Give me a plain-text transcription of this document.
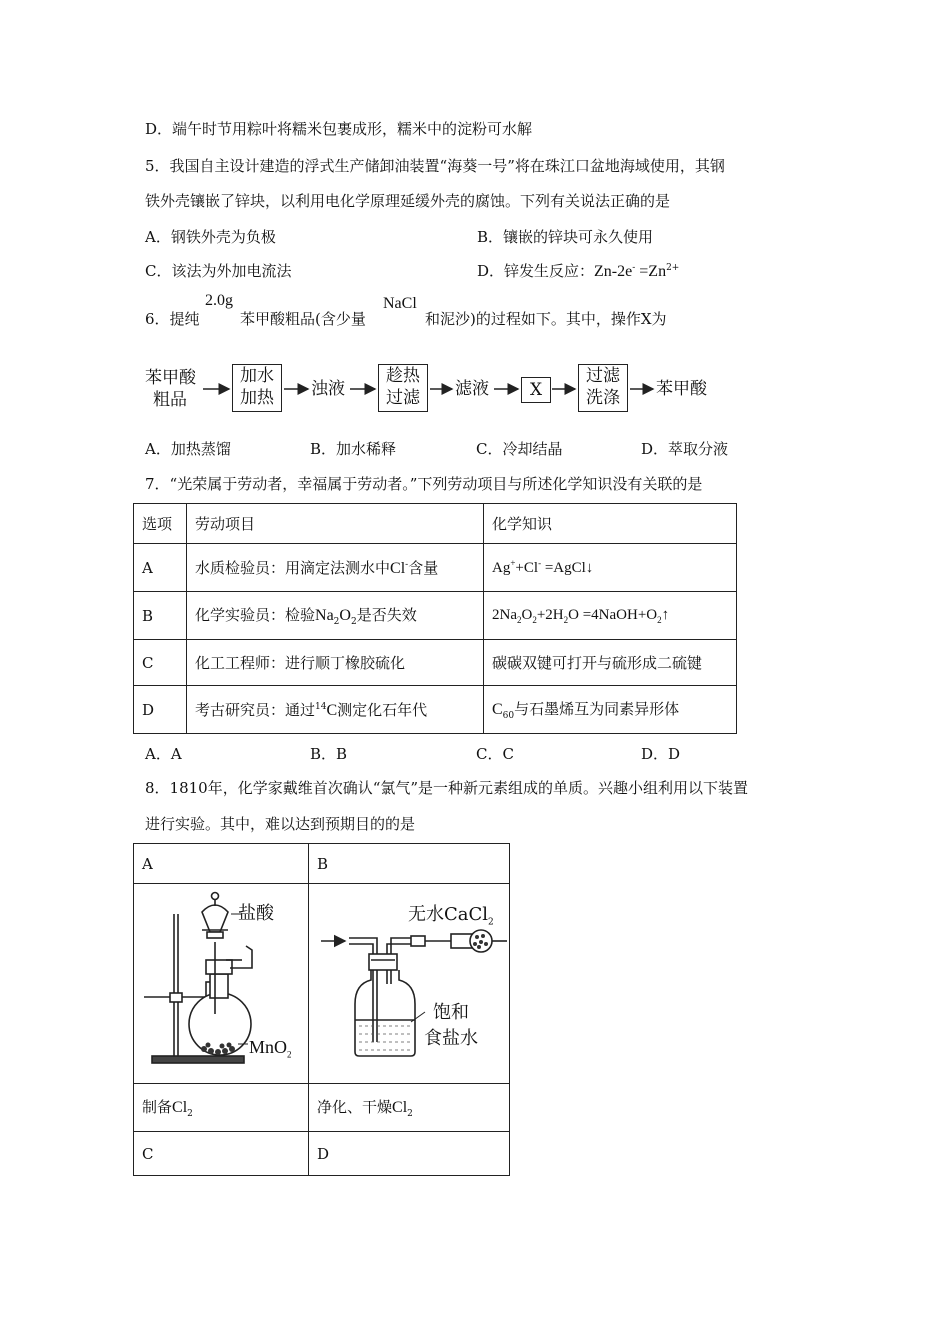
D．端午时节用粽叶将糯米包裹成形，糯米中的淀粉可水解
5．我国自主设计建造的浮式生产储卸油装置“海葵一号”将在珠江口盆地海域使用，其钢
铁外壳镶嵌了锌块，以利用电化学原理延缓外壳的腐蚀。下列有关说法正确的是
A．钢铁外壳为负极	B．镶嵌的锌块可永久使用
C．该法为外加电流法	D．锌发生反应：$Zn-2e^- =Zn^{2+}$
6．提纯
2.0g
苯甲酸粗品(含少量
NaCl
和泥沙)的过程如下。其中，操作X为
苯甲酸
粗品
加水
加热	浊液
趁热
过滤	滤液	X
过滤
洗涤	苯甲酸
A．加热蒸馏	B．加水稀释	C．冷却结晶	D．萃取分液
7．“光荣属于劳动者，幸福属于劳动者。”下列劳动项目与所述化学知识没有关联的是
选项	劳动项目	化学知识
A	水质检验员：用滴定法测水中Cl-含量	Ag++Cl- =AgCl↓
B	化学实验员：检验$Na_2O_2$是否失效	$2Na_2O_2+2H_2O$ $=4NaOH+O_2↑$
C	化工工程师：进行顺丁橡胶硫化	碳碳双键可打开与硫形成二硫键
D	考古研究员：通过$^{14}$C测定化石年代	$C_{60}$与石墨烯互为同素异形体
A．A	B．B	C．C	D．D
8．1810年，化学家戴维首次确认“氯气”是一种新元素组成的单质。兴趣小组利用以下装置
进行实验。其中，难以达到预期目的的是
A	B

制备$Cl_2$	净化、干燥$Cl_2$
C	D
盐酸
MnO$_2$
无水CaCl$_2$
饱和
食盐水
